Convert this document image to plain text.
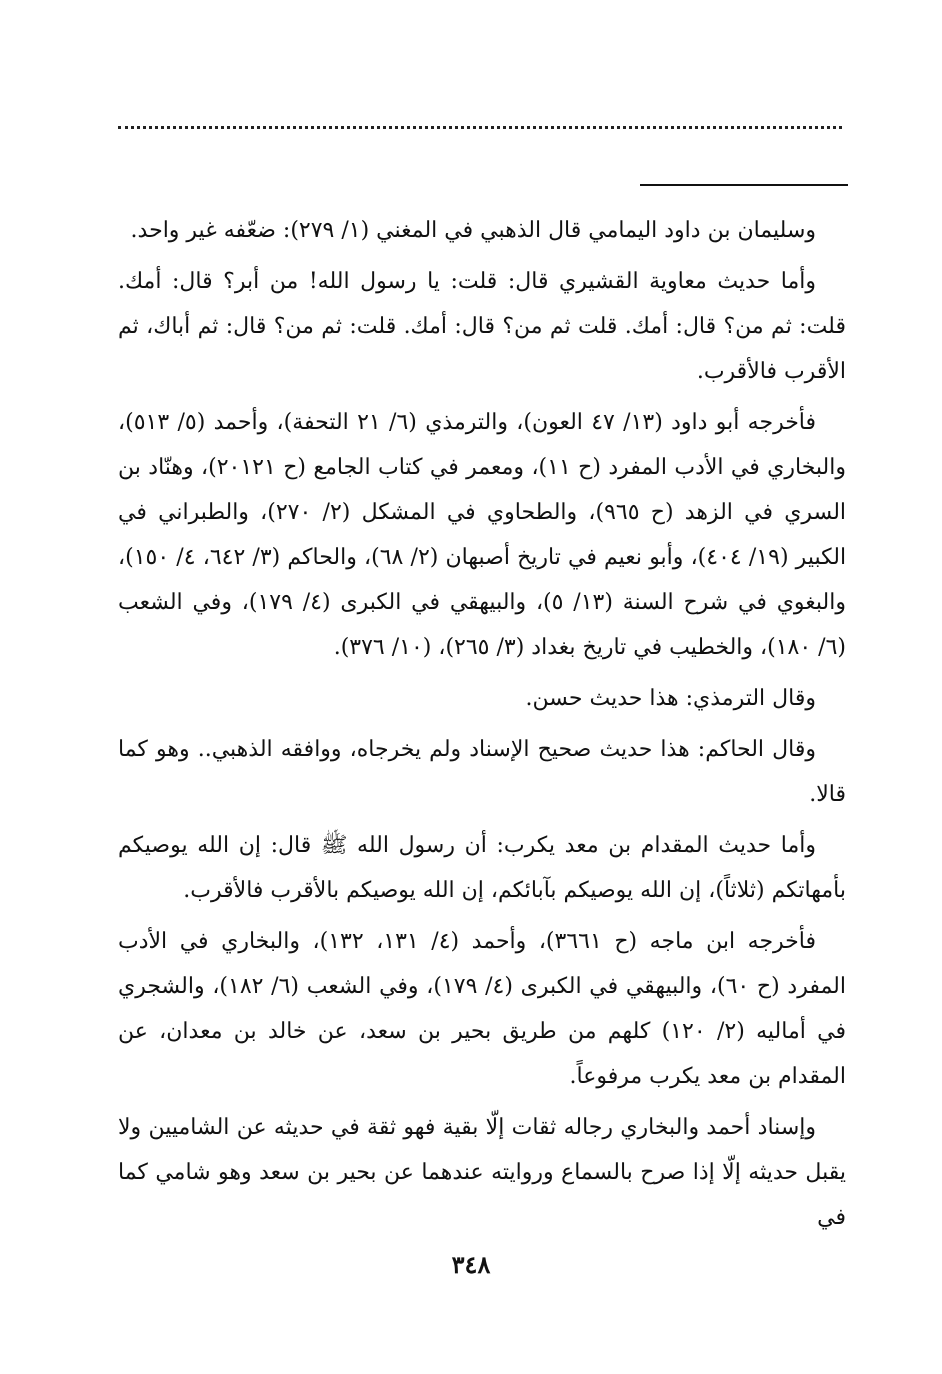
وسليمان بن داود اليمامي قال الذهبي في المغني (١/ ٢٧٩): ضعّفه غير واحد.

وأما حديث معاوية القشيري قال: قلت: يا رسول الله! من أبر؟ قال: أمك. قلت: ثم من؟ قال: أمك. قلت ثم من؟ قال: أمك. قلت: ثم من؟ قال: ثم أباك، ثم الأقرب فالأقرب.

فأخرجه أبو داود (١٣/ ٤٧ العون)، والترمذي (٦/ ٢١ التحفة)، وأحمد (٥/ ٥١٣)، والبخاري في الأدب المفرد (ح ١١)، ومعمر في كتاب الجامع (ح ٢٠١٢١)، وهنّاد بن السري في الزهد (ح ٩٦٥)، والطحاوي في المشكل (٢/ ٢٧٠)، والطبراني في الكبير (١٩/ ٤٠٤)، وأبو نعيم في تاريخ أصبهان (٢/ ٦٨)، والحاكم (٣/ ٦٤٢، ٤/ ١٥٠)، والبغوي في شرح السنة (١٣/ ٥)، والبيهقي في الكبرى (٤/ ١٧٩)، وفي الشعب (٦/ ١٨٠)، والخطيب في تاريخ بغداد (٣/ ٢٦٥)، (١٠/ ٣٧٦).

وقال الترمذي: هذا حديث حسن.

وقال الحاكم: هذا حديث صحيح الإسناد ولم يخرجاه، ووافقه الذهبي.. وهو كما قالا.

وأما حديث المقدام بن معد يكرب: أن رسول الله ﷺ قال: إن الله يوصيكم بأمهاتكم (ثلاثاً)، إن الله يوصيكم بآبائكم، إن الله يوصيكم بالأقرب فالأقرب.

فأخرجه ابن ماجه (ح ٣٦٦١)، وأحمد (٤/ ١٣١، ١٣٢)، والبخاري في الأدب المفرد (ح ٦٠)، والبيهقي في الكبرى (٤/ ١٧٩)، وفي الشعب (٦/ ١٨٢)، والشجري في أماليه (٢/ ١٢٠) كلهم من طريق بحير بن سعد، عن خالد بن معدان، عن المقدام بن معد يكرب مرفوعاً.

وإسناد أحمد والبخاري رجاله ثقات إلّا بقية فهو ثقة في حديثه عن الشاميين ولا يقبل حديثه إلّا إذا صرح بالسماع وروايته عندهما عن بحير بن سعد وهو شامي كما في

٣٤٨
